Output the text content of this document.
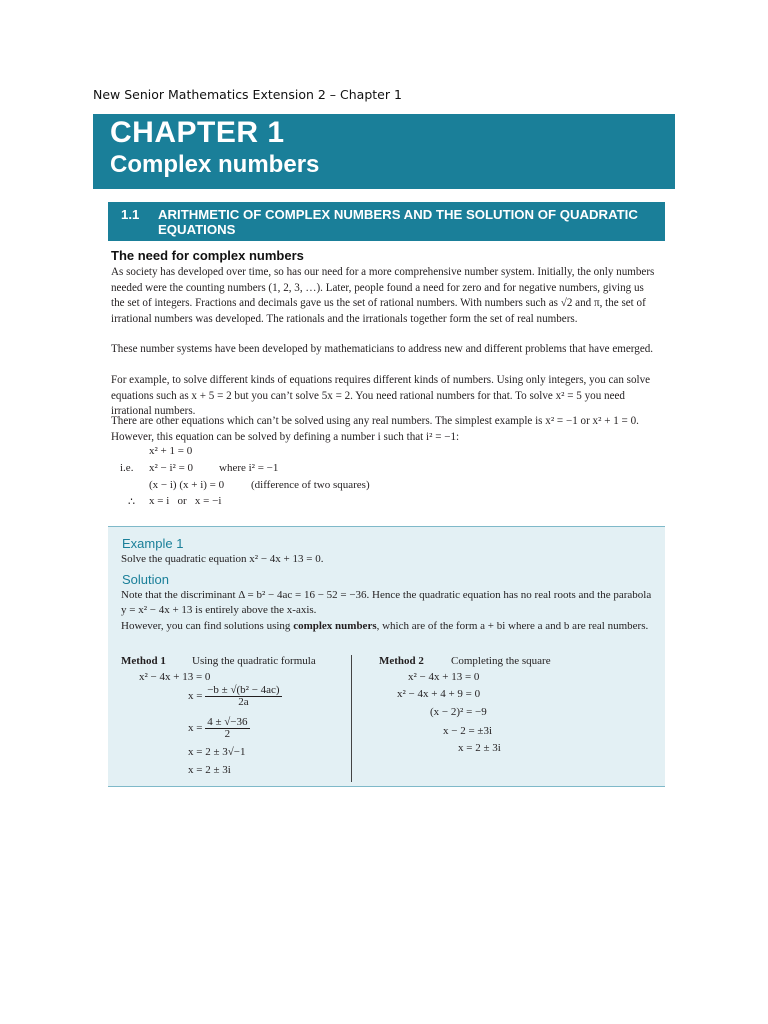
New Senior Mathematics Extension 2 – Chapter 1
CHAPTER 1
Complex numbers
1.1 ARITHMETIC OF COMPLEX NUMBERS AND THE SOLUTION OF QUADRATIC EQUATIONS
The need for complex numbers

As society has developed over time, so has our need for a more comprehensive number system. Initially, the only numbers needed were the counting numbers (1, 2, 3, …). Later, people found a need for zero and for negative numbers, giving us the set of integers. Fractions and decimals gave us the set of rational numbers. With numbers such as √2 and π, the set of irrational numbers was developed. The rationals and the irrationals together form the set of real numbers.

These number systems have been developed by mathematicians to address new and different problems that have emerged.

For example, to solve different kinds of equations requires different kinds of numbers. Using only integers, you can solve equations such as x + 5 = 2 but you can’t solve 5x = 2. You need rational numbers for that. To solve x² = 5 you need irrational numbers.

There are other equations which can’t be solved using any real numbers. The simplest example is x² = −1 or x² + 1 = 0. However, this equation can be solved by defining a number i such that i² = −1:

x² + 1 = 0
i.e. x² − i² = 0 where i² = −1
(x − i) (x + i) = 0 (difference of two squares)
∴ x = i   or   x = −i
Example 1
Solve the quadratic equation x² − 4x + 13 = 0.
Solution
Note that the discriminant Δ = b² − 4ac = 16 − 52 = −36. Hence the quadratic equation has no real roots and the parabola y = x² − 4x + 13 is entirely above the x-axis.
However, you can find solutions using complex numbers, which are of the form a + bi where a and b are real numbers.
Method 1 Using the quadratic formula
x² − 4x + 13 = 0
$x = \frac{\text{−b ± √(b² − 4ac)}}{2a}$
$x = \frac{4 \pm √-36}{2}$
x = 2 ± 3√−1
x = 2 ± 3i
Method 2 Completing the square
x² − 4x + 13 = 0
x² − 4x + 4 + 9 = 0
(x − 2)² = −9
x − 2 = ±3i
x = 2 ± 3i
